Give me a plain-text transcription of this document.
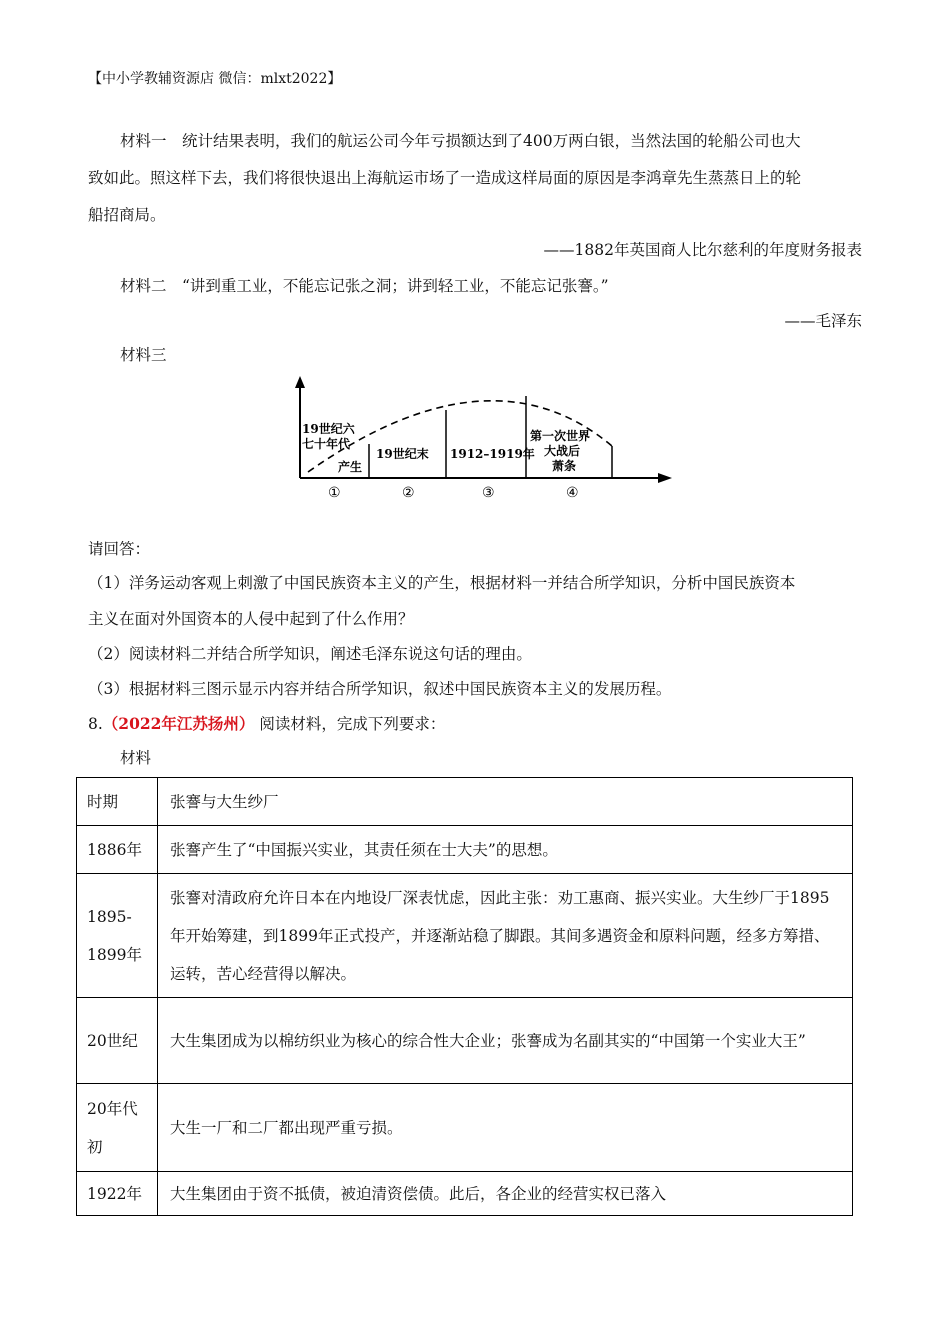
【中小学教辅资源店 微信：mlxt2022】
材料一　统计结果表明，我们的航运公司今年亏损额达到了400万两白银，当然法国的轮船公司也大
致如此。照这样下去，我们将很快退出上海航运市场了一造成这样局面的原因是李鸿章先生蒸蒸日上的轮
船招商局。
——1882年英国商人比尔慈利的年度财务报表
材料二　“讲到重工业，不能忘记张之洞；讲到轻工业，不能忘记张謇。”
——毛泽东
材料三
19世纪六
七十年代
产生
19世纪末 1912–1919年
第一次世界
大战后
萧条
①	②	③	④
请回答：
（1）洋务运动客观上刺激了中国民族资本主义的产生，根据材料一并结合所学知识，分析中国民族资本
主义在面对外国资本的人侵中起到了什么作用？
（2）阅读材料二并结合所学知识，阐述毛泽东说这句话的理由。
（3）根据材料三图示显示内容并结合所学知识，叙述中国民族资本主义的发展历程。
8.（2022年江苏扬州） 阅读材料，完成下列要求：
材料
时期	张謇与大生纱厂
1886年	张謇产生了“中国振兴实业，其责任须在士大夫”的思想。
1895-1899年	张謇对清政府允许日本在内地设厂深表忧虑，因此主张：劝工惠商、振兴实业。大生纱厂于1895年开始筹建，到1899年正式投产，并逐渐站稳了脚跟。其间多遇资金和原料问题，经多方筹措、运转，苦心经营得以解决。
20世纪	大生集团成为以棉纺织业为核心的综合性大企业；张謇成为名副其实的“中国第一个实业大王”
20年代初	大生一厂和二厂都出现严重亏损。
1922年	大生集团由于资不抵债，被迫清资偿债。此后，各企业的经营实权已落入
